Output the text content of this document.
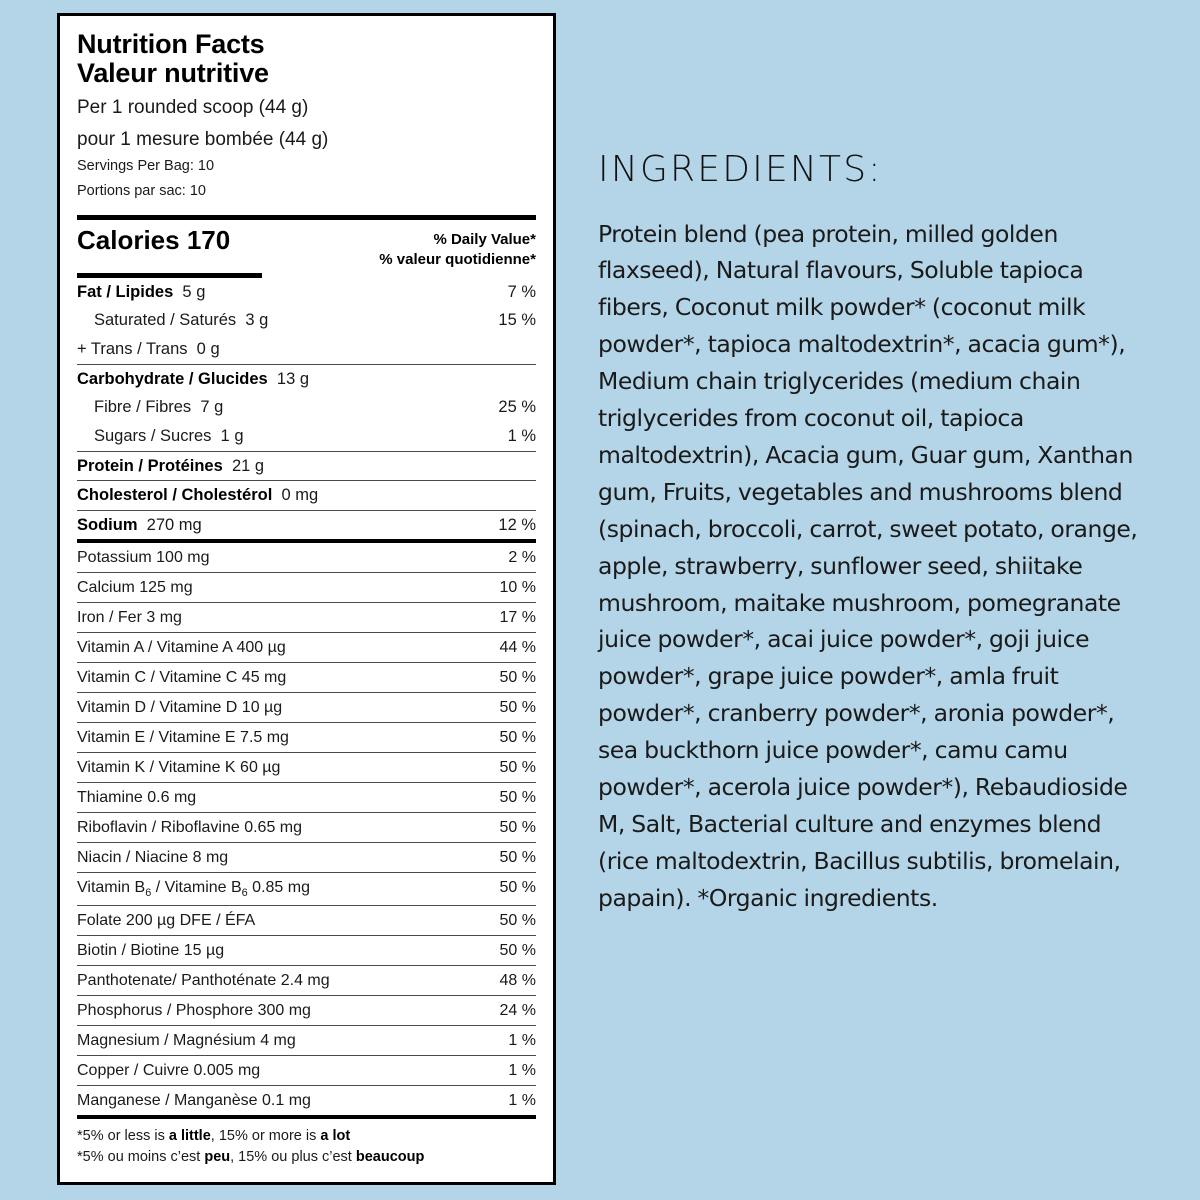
Nutrition Facts
Valeur nutritive
Per 1 rounded scoop (44 g)
pour 1 mesure bombée (44 g)
Servings Per Bag: 10
Portions par sac: 10
Calories 170	% Daily Value*
% valeur quotidienne*
Fat / Lipides  5 g	7 %
Saturated / Saturés  3 g	15 %
+ Trans / Trans  0 g
Carbohydrate / Glucides  13 g
Fibre / Fibres  7 g	25 %
Sugars / Sucres  1 g	1 %
Protein / Protéines  21 g
Cholesterol / Cholestérol  0 mg
Sodium  270 mg	12 %
Potassium 100 mg	2 %
Calcium 125 mg	10 %
Iron / Fer 3 mg	17 %
Vitamin A / Vitamine A 400 µg	44 %
Vitamin C / Vitamine C 45 mg	50 %
Vitamin D / Vitamine D 10 µg	50 %
Vitamin E / Vitamine E 7.5 mg	50 %
Vitamin K / Vitamine K 60 µg	50 %
Thiamine 0.6 mg	50 %
Riboflavin / Riboflavine 0.65 mg	50 %
Niacin / Niacine 8 mg	50 %
Vitamin $B_6$ / Vitamine $B_6$ 0.85 mg	50 %
Folate 200 µg DFE / ÉFA	50 %
Biotin / Biotine 15 µg	50 %
Panthotenate/ Panthoténate 2.4 mg	48 %
Phosphorus / Phosphore 300 mg	24 %
Magnesium / Magnésium 4 mg	1 %
Copper / Cuivre 0.005 mg	1 %
Manganese / Manganèse 0.1 mg	1 %
*5% or less is a little, 15% or more is a lot
*5% ou moins c’est peu, 15% ou plus c’est beaucoup
INGREDIENTS:
Protein blend (pea protein, milled golden flaxseed), Natural flavours, Soluble tapioca fibers, Coconut milk powder* (coconut milk powder*, tapioca maltodextrin*, acacia gum*), Medium chain triglycerides (medium chain triglycerides from coconut oil, tapioca maltodextrin), Acacia gum, Guar gum, Xanthan gum, Fruits, vegetables and mushrooms blend (spinach, broccoli, carrot, sweet potato, orange, apple, strawberry, sunflower seed, shiitake mushroom, maitake mushroom, pomegranate juice powder*, acai juice powder*, goji juice powder*, grape juice powder*, amla fruit powder*, cranberry powder*, aronia powder*, sea buckthorn juice powder*, camu camu powder*, acerola juice powder*), Rebaudioside M, Salt, Bacterial culture and enzymes blend (rice maltodextrin, Bacillus subtilis, bromelain, papain). *Organic ingredients.
